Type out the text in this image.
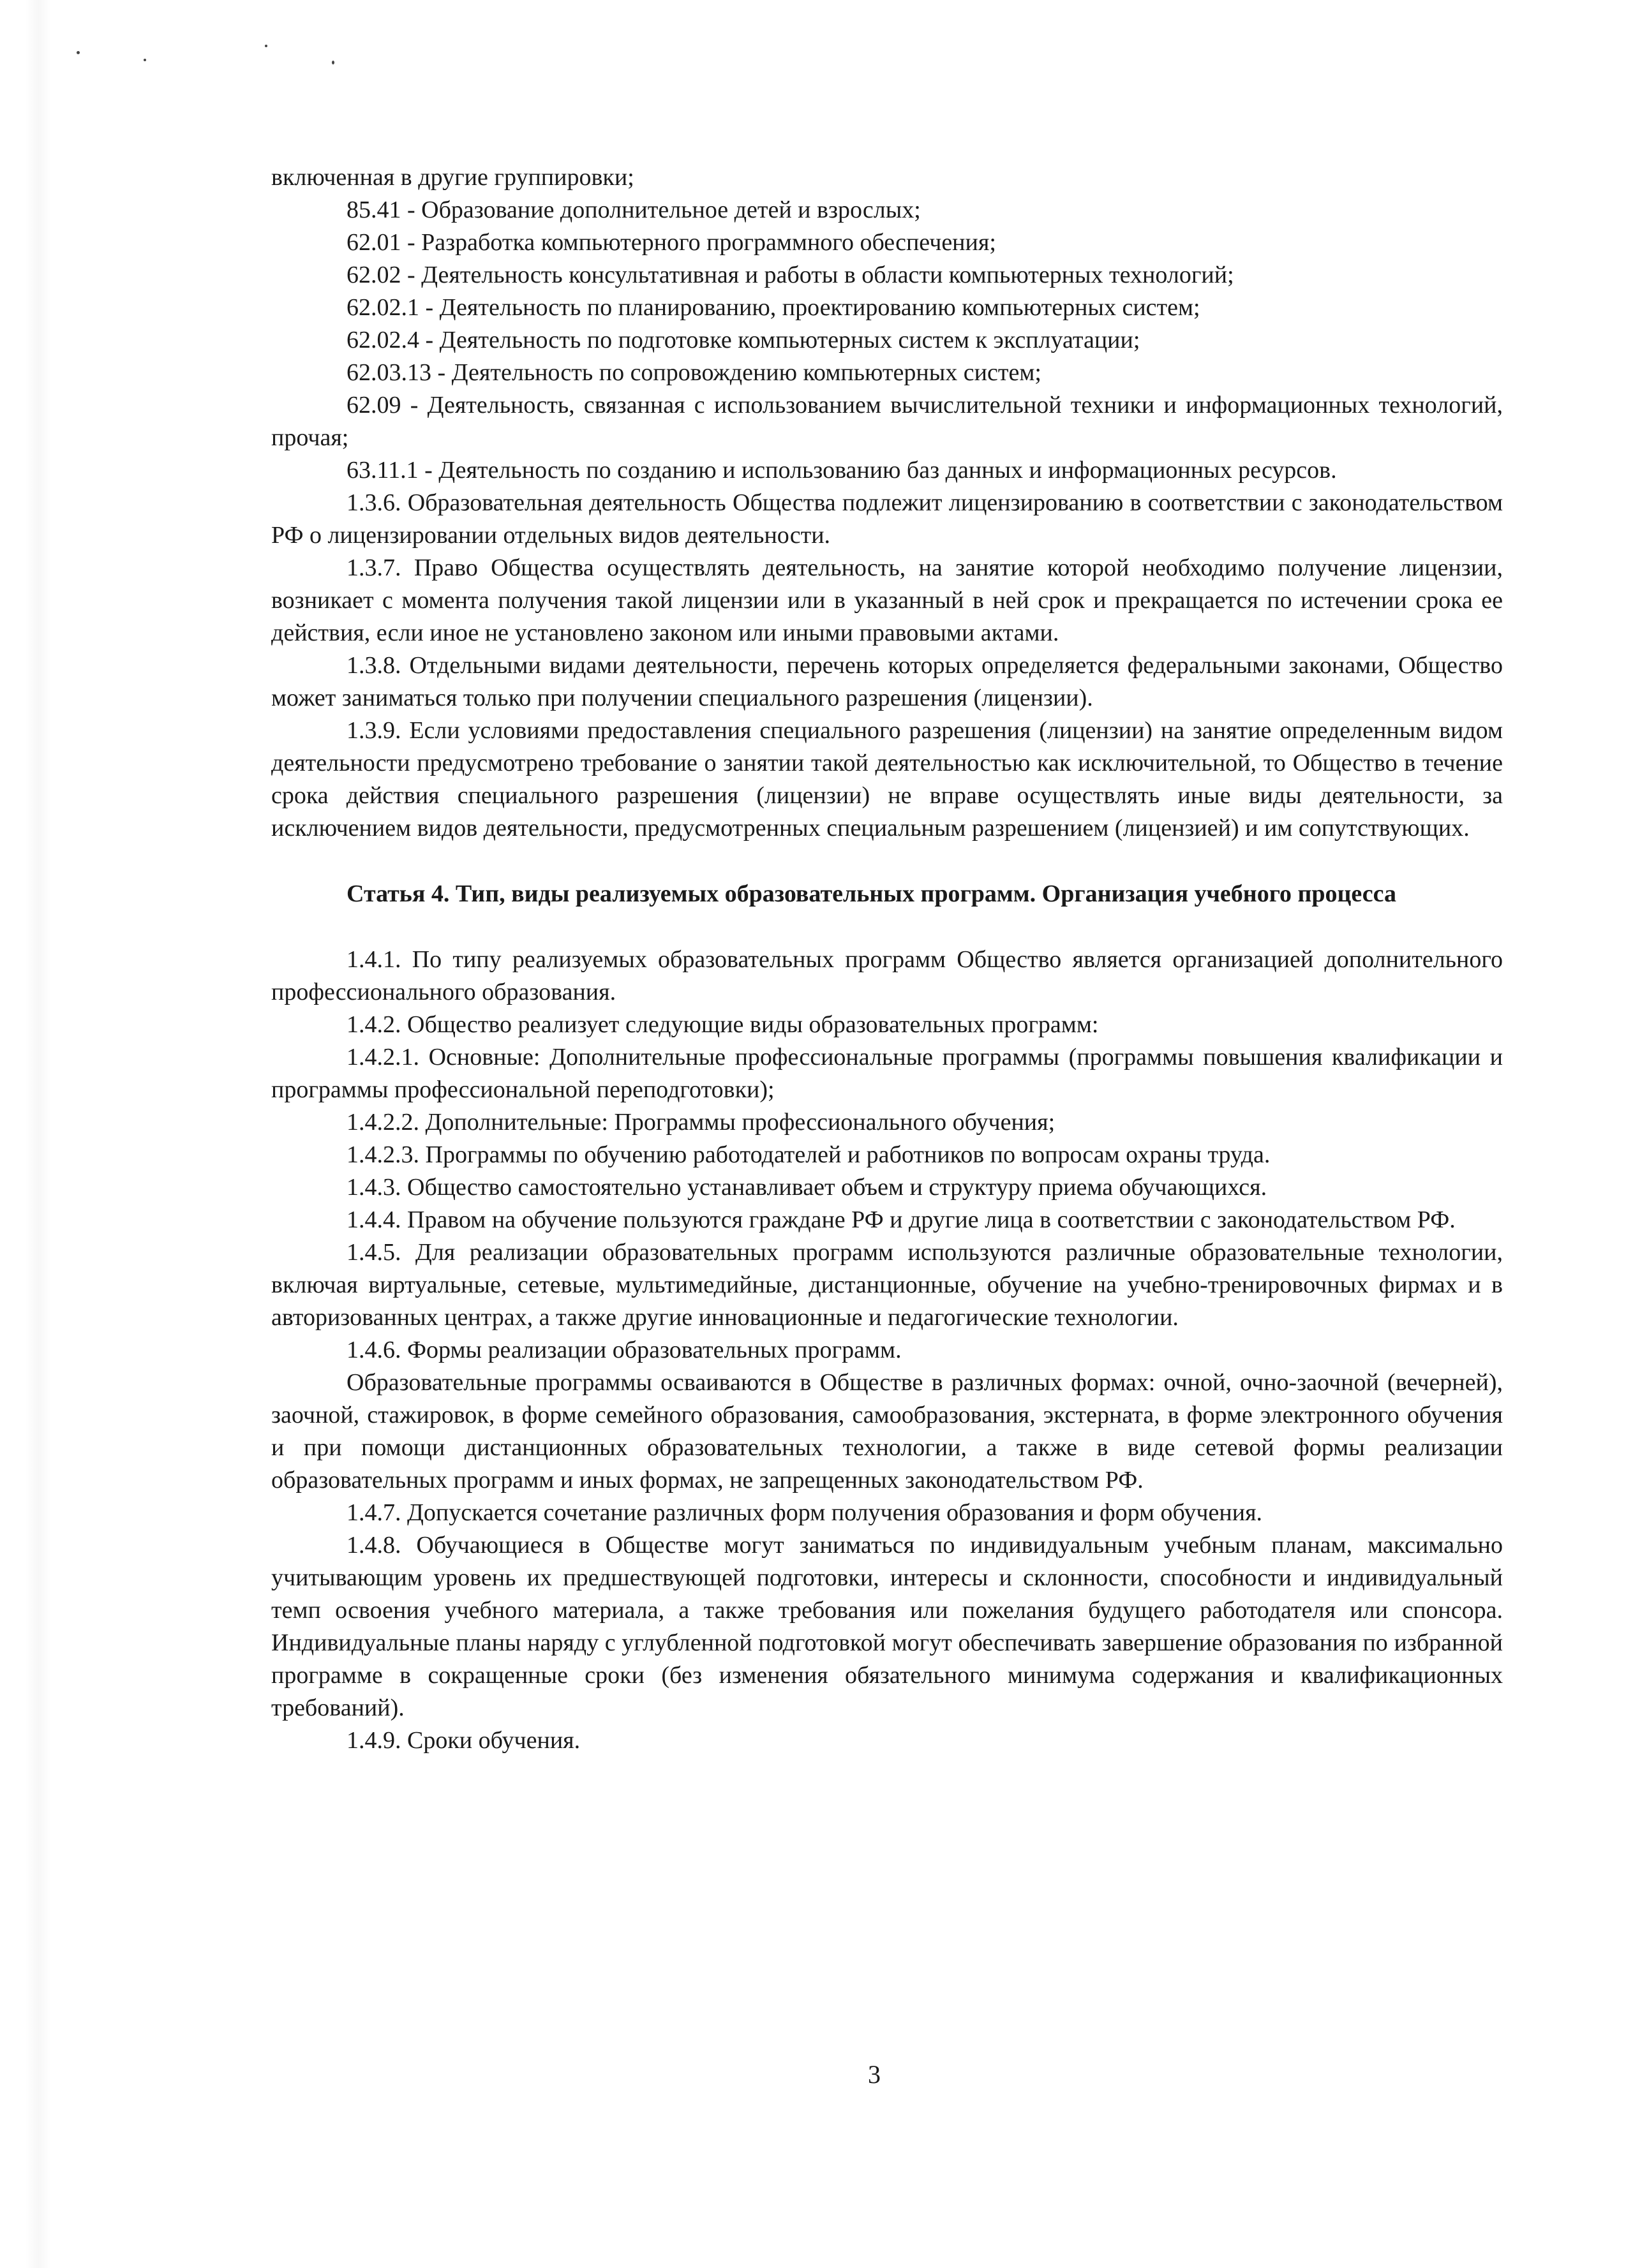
включенная в другие группировки;

85.41 - Образование дополнительное детей и взрослых;

62.01 - Разработка компьютерного программного обеспечения;

62.02 - Деятельность консультативная и работы в области компьютерных технологий;

62.02.1 - Деятельность по планированию, проектированию компьютерных систем;

62.02.4 - Деятельность по подготовке компьютерных систем к эксплуатации;

62.03.13 - Деятельность по сопровождению компьютерных систем;

62.09 - Деятельность, связанная с использованием вычислительной техники и информационных технологий, прочая;

63.11.1 - Деятельность по созданию и использованию баз данных и информационных ресурсов.

1.3.6. Образовательная деятельность Общества подлежит лицензированию в соответствии с законодательством РФ о лицензировании отдельных видов деятельности.

1.3.7. Право Общества осуществлять деятельность, на занятие которой необходимо получение лицензии, возникает с момента получения такой лицензии или в указанный в ней срок и прекращается по истечении срока ее действия, если иное не установлено законом или иными правовыми актами.

1.3.8. Отдельными видами деятельности, перечень которых определяется федеральными законами, Общество может заниматься только при получении специального разрешения (лицензии).

1.3.9. Если условиями предоставления специального разрешения (лицензии) на занятие определенным видом деятельности предусмотрено требование о занятии такой деятельностью как исключительной, то Общество в течение срока действия специального разрешения (лицензии) не вправе осуществлять иные виды деятельности, за исключением видов деятельности, предусмотренных специальным разрешением (лицензией) и им сопутствующих.

Статья 4. Тип, виды реализуемых образовательных программ. Организация учебного процесса

1.4.1. По типу реализуемых образовательных программ Общество является организацией дополнительного профессионального образования.

1.4.2. Общество реализует следующие виды образовательных программ:

1.4.2.1. Основные: Дополнительные профессиональные программы (программы повышения квалификации и программы профессиональной переподготовки);

1.4.2.2. Дополнительные: Программы профессионального обучения;

1.4.2.3. Программы по обучению работодателей и работников по вопросам охраны труда.

1.4.3. Общество самостоятельно устанавливает объем и структуру приема обучающихся.

1.4.4. Правом на обучение пользуются граждане РФ и другие лица в соответствии с законодательством РФ.

1.4.5. Для реализации образовательных программ используются различные образовательные технологии, включая виртуальные, сетевые, мультимедийные, дистанционные, обучение на учебно-тренировочных фирмах и в авторизованных центрах, а также другие инновационные и педагогические технологии.

1.4.6. Формы реализации образовательных программ.

Образовательные программы осваиваются в Обществе в различных формах: очной, очно-заочной (вечерней), заочной, стажировок, в форме семейного образования, самообразования, экстерната, в форме электронного обучения и при помощи дистанционных образовательных технологии, а также в виде сетевой формы реализации образовательных программ и иных формах, не запрещенных законодательством РФ.

1.4.7. Допускается сочетание различных форм получения образования и форм обучения.

1.4.8. Обучающиеся в Обществе могут заниматься по индивидуальным учебным планам, максимально учитывающим уровень их предшествующей подготовки, интересы и склонности, способности и индивидуальный темп освоения учебного материала, а также требования или пожелания будущего работодателя или спонсора. Индивидуальные планы наряду с углубленной подготовкой могут обеспечивать завершение образования по избранной программе в сокращенные сроки (без изменения обязательного минимума содержания и квалификационных требований).

1.4.9. Сроки обучения.

3
